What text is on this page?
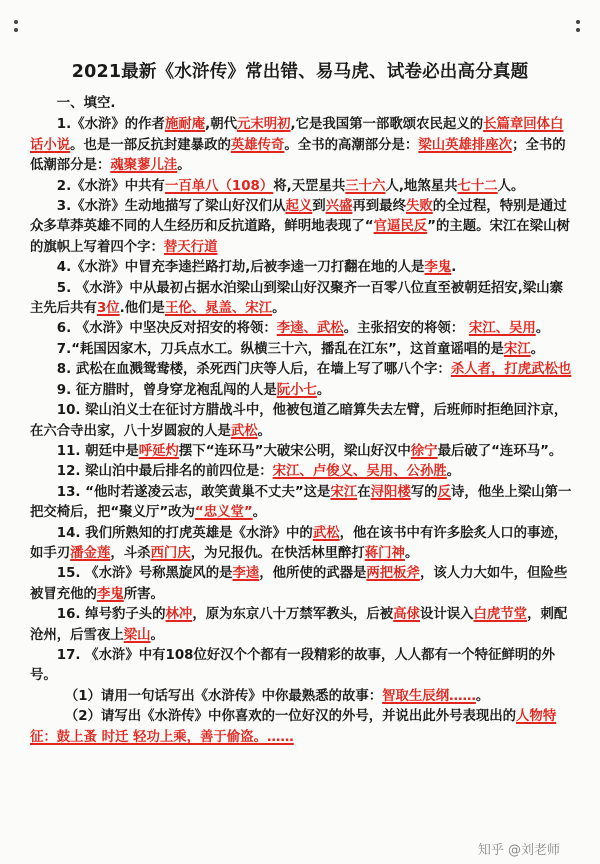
2021最新《水浒传》常出错、易马虎、试卷必出高分真题

一、填空.

1.《水浒》的作者施耐庵,朝代元末明初,它是我国第一部歌颂农民起义的长篇章回体白话小说。也是一部反抗封建暴政的英雄传奇。全书的高潮部分是：梁山英雄排座次；全书的低潮部分是：魂聚蓼儿洼。

2.《水浒》中共有一百单八（108）将,天罡星共三十六人,地煞星共七十二人。

3.《水浒》生动地描写了梁山好汉们从起义到兴盛再到最终失败的全过程，特别是通过众多草莽英雄不同的人生经历和反抗道路，鲜明地表现了“官逼民反”的主题。宋江在梁山树的旗帜上写着四个字：替天行道

4.《水浒》中冒充李逵拦路打劫,后被李逵一刀打翻在地的人是李鬼.

5. 《水浒》中从最初占据水泊梁山到梁山好汉聚齐一百零八位直至被朝廷招安,梁山寨主先后共有3位.他们是王伦、晁盖、宋江。

6. 《水浒》中坚决反对招安的将领：李逵、武松。主张招安的将领： 宋江、吴用。

7.“耗国因家木，刀兵点水工。纵横三十六，播乱在江东”，这首童谣唱的是宋江。

8. 武松在血溅鸳鸯楼，杀死西门庆等人后，在墙上写了哪八个字：杀人者，打虎武松也

9. 征方腊时，曾身穿龙袍乱闯的人是阮小七。

10. 梁山泊义士在征讨方腊战斗中，他被包道乙暗算失去左臂，后班师时拒绝回汴京，在六合寺出家，八十岁圆寂的人是武松。

11. 朝廷中是呼延灼摆下“连环马”大破宋公明，梁山好汉中徐宁最后破了“连环马”。

12. 梁山泊中最后排名的前四位是：宋江、卢俊义、吴用、公孙胜。

13. “他时若遂凌云志，敢笑黄巢不丈夫”这是宋江在浔阳楼写的反诗，他坐上梁山第一把交椅后，把“聚义厅”改为“忠义堂”。

14. 我们所熟知的打虎英雄是《水浒》中的武松，他在该书中有许多脍炙人口的事迹，如手刃潘金莲，斗杀西门庆，为兄报仇。在快活林里醉打蒋门神。

15. 《水浒》号称黑旋风的是李逵，他所使的武器是两把板斧，该人力大如牛，但险些被冒充他的李鬼所害。

16. 绰号豹子头的林冲，原为东京八十万禁军教头，后被高俅设计误入白虎节堂，刺配沧州，后雪夜上梁山。

17. 《水浒》中有108位好汉个个都有一段精彩的故事，人人都有一个特征鲜明的外号。

（1）请用一句话写出《水浒传》中你最熟悉的故事：智取生辰纲……。

（2）请写出《水浒传》中你喜欢的一位好汉的外号，并说出此外号表现出的人物特征：鼓上蚤 时迁 轻功上乘，善于偷盗。……

知乎 @刘老师
